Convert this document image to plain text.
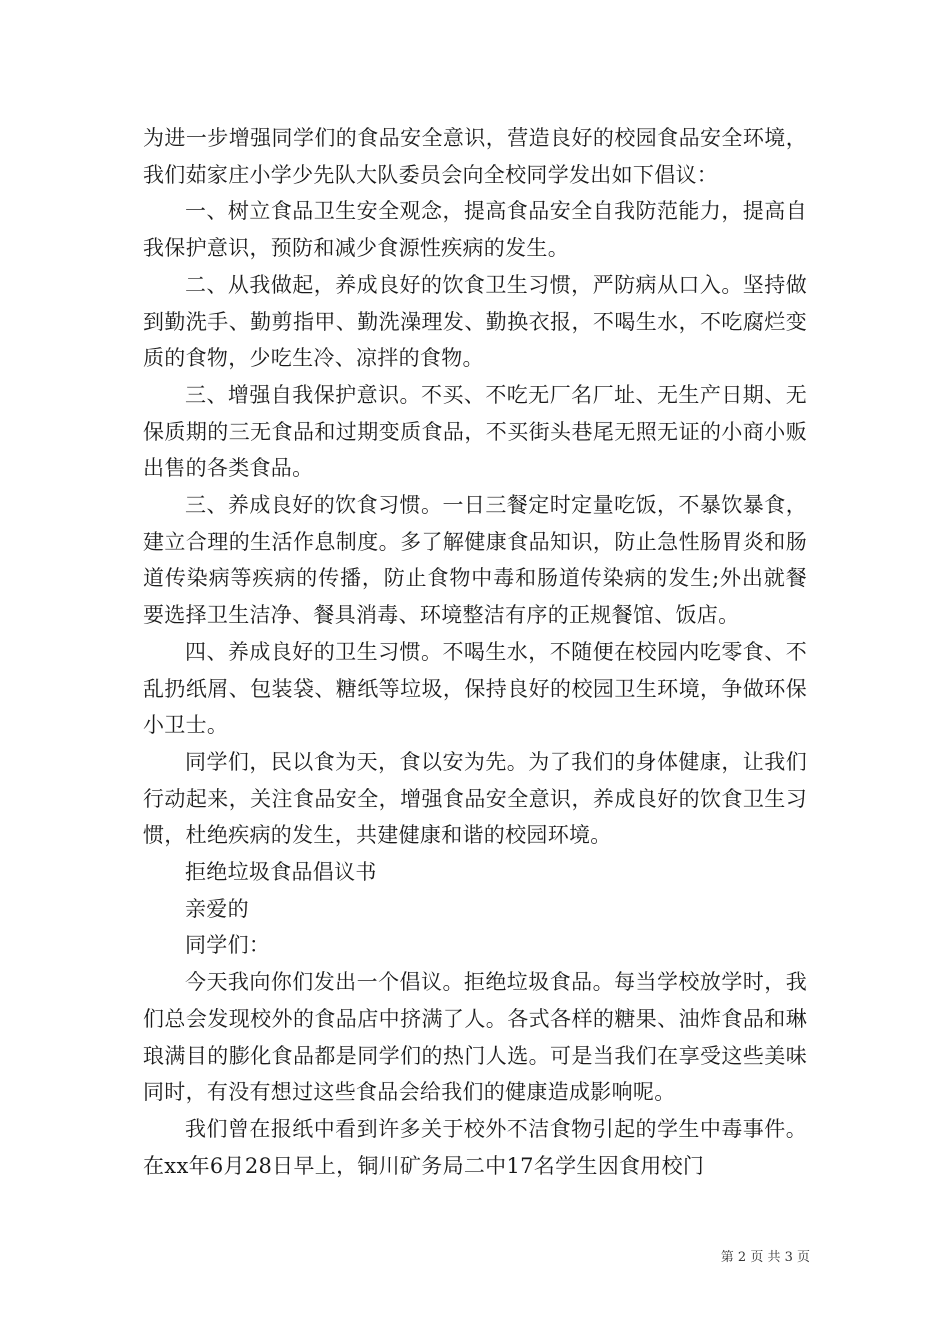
为进一步增强同学们的食品安全意识，营造良好的校园食品安全环境，我们茹家庄小学少先队大队委员会向全校同学发出如下倡议：

一、树立食品卫生安全观念，提高食品安全自我防范能力，提高自我保护意识，预防和减少食源性疾病的发生。

二、从我做起，养成良好的饮食卫生习惯，严防病从口入。坚持做到勤洗手、勤剪指甲、勤洗澡理发、勤换衣报，不喝生水，不吃腐烂变质的食物，少吃生冷、凉拌的食物。

三、增强自我保护意识。不买、不吃无厂名厂址、无生产日期、无保质期的三无食品和过期变质食品，不买街头巷尾无照无证的小商小贩出售的各类食品。

三、养成良好的饮食习惯。一日三餐定时定量吃饭，不暴饮暴食，建立合理的生活作息制度。多了解健康食品知识，防止急性肠胃炎和肠道传染病等疾病的传播，防止食物中毒和肠道传染病的发生;外出就餐要选择卫生洁净、餐具消毒、环境整洁有序的正规餐馆、饭店。

四、养成良好的卫生习惯。不喝生水，不随便在校园内吃零食、不乱扔纸屑、包装袋、糖纸等垃圾，保持良好的校园卫生环境，争做环保小卫士。

同学们，民以食为天，食以安为先。为了我们的身体健康，让我们行动起来，关注食品安全，增强食品安全意识，养成良好的饮食卫生习惯，杜绝疾病的发生，共建健康和谐的校园环境。

拒绝垃圾食品倡议书

亲爱的

同学们：

今天我向你们发出一个倡议。拒绝垃圾食品。每当学校放学时，我们总会发现校外的食品店中挤满了人。各式各样的糖果、油炸食品和琳琅满目的膨化食品都是同学们的热门人选。可是当我们在享受这些美味同时，有没有想过这些食品会给我们的健康造成影响呢。

我们曾在报纸中看到许多关于校外不洁食物引起的学生中毒事件。在xx年6月28日早上，铜川矿务局二中17名学生因食用校门

第 2 页 共 3 页
